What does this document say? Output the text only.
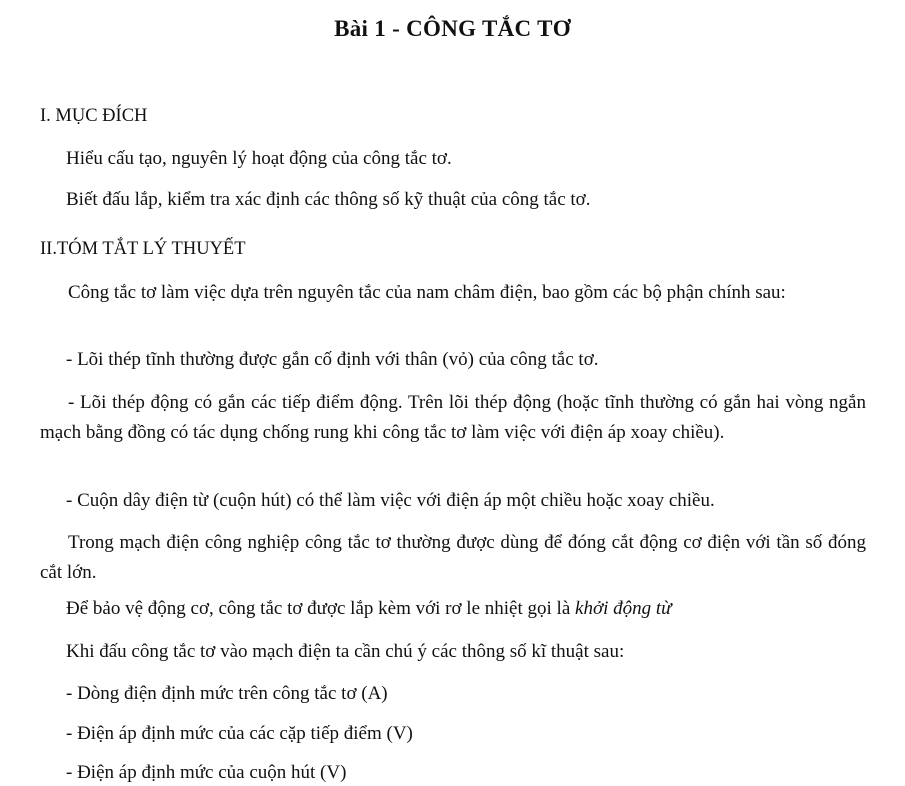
Bài 1 - CÔNG TẮC TƠ
I. MỤC ĐÍCH
Hiểu cấu tạo, nguyên lý hoạt động của công tắc tơ.
Biết đấu lắp, kiểm tra xác định các thông số kỹ thuật của công tắc tơ.
II.TÓM TẮT LÝ THUYẾT
Công tắc tơ làm việc dựa trên nguyên tắc của nam châm điện, bao gồm các bộ phận chính sau:
- Lõi thép tĩnh thường được gắn cố định với thân (vỏ) của công tắc tơ.
- Lõi thép động có gắn các tiếp điểm động. Trên lõi thép động (hoặc tĩnh thường có gắn hai vòng ngắn mạch bằng đồng có tác dụng chống rung khi công tắc tơ làm việc với điện áp xoay chiều).
- Cuộn dây điện từ (cuộn hút) có thể làm việc với điện áp một chiều hoặc xoay chiều.
Trong mạch điện công nghiệp công tắc tơ thường được dùng để đóng cắt động cơ điện với tần số đóng cắt lớn.
Để bảo vệ động cơ, công tắc tơ được lắp kèm với rơ le nhiệt gọi là khởi động từ
Khi đấu công tắc tơ vào mạch điện ta cần chú ý các thông số kĩ thuật sau:
- Dòng điện định mức trên công tắc tơ (A)
- Điện áp định mức của các cặp tiếp điểm (V)
- Điện áp định mức của cuộn hút (V)
